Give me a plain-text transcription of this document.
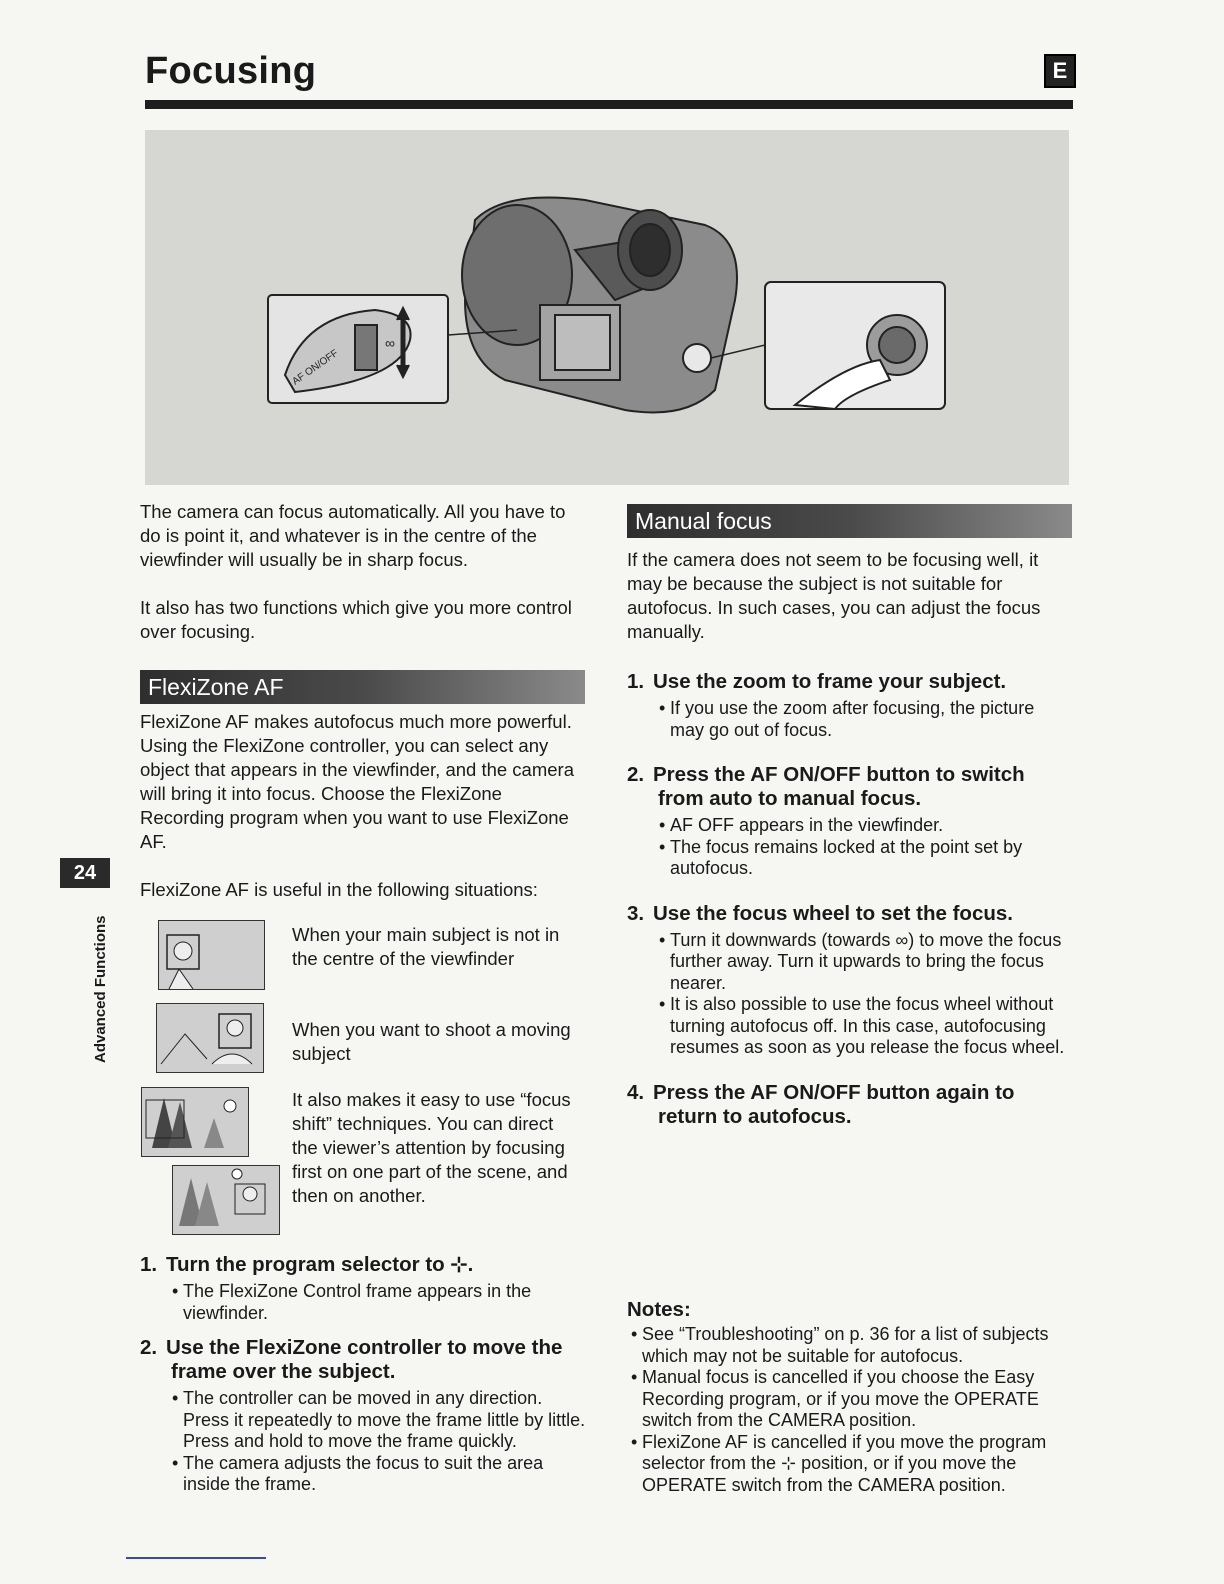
Focusing	E
AF ON/OFF
∞

The camera can focus automatically. All you have to do is point it, and whatever is in the centre of the viewfinder will usually be in sharp focus.

It also has two functions which give you more control over focusing.

FlexiZone AF

FlexiZone AF makes autofocus much more powerful. Using the FlexiZone controller, you can select any object that appears in the viewfinder, and the camera will bring it into focus. Choose the FlexiZone Recording program when you want to use FlexiZone AF.

FlexiZone AF is useful in the following situations:

When your main subject is not in the centre of the viewfinder

When you want to shoot a moving subject

It also makes it easy to use “focus shift” techniques. You can direct the viewer’s attention by focusing first on one part of the scene, and then on another.

1. Turn the program selector to ⊹.
• The FlexiZone Control frame appears in the viewfinder.
2. Use the FlexiZone controller to move the
frame over the subject.
• The controller can be moved in any direction. Press it repeatedly to move the frame little by little. Press and hold to move the frame quickly.
• The camera adjusts the focus to suit the area inside the frame.
24
Advanced Functions
Manual focus

If the camera does not seem to be focusing well, it may be because the subject is not suitable for autofocus. In such cases, you can adjust the focus manually.

1. Use the zoom to frame your subject.
• If you use the zoom after focusing, the picture may go out of focus.
2. Press the AF ON/OFF button to switch
from auto to manual focus.
• AF OFF appears in the viewfinder.
• The focus remains locked at the point set by autofocus.
3. Use the focus wheel to set the focus.
• Turn it downwards (towards ∞) to move the focus further away. Turn it upwards to bring the focus nearer.
• It is also possible to use the focus wheel without turning autofocus off. In this case, autofocusing resumes as soon as you release the focus wheel.
4. Press the AF ON/OFF button again to
return to autofocus.
Notes:
• See “Troubleshooting” on p. 36 for a list of subjects which may not be suitable for autofocus.
• Manual focus is cancelled if you choose the Easy Recording program, or if you move the OPERATE switch from the CAMERA position.
• FlexiZone AF is cancelled if you move the program selector from the ⊹ position, or if you move the OPERATE switch from the CAMERA position.
